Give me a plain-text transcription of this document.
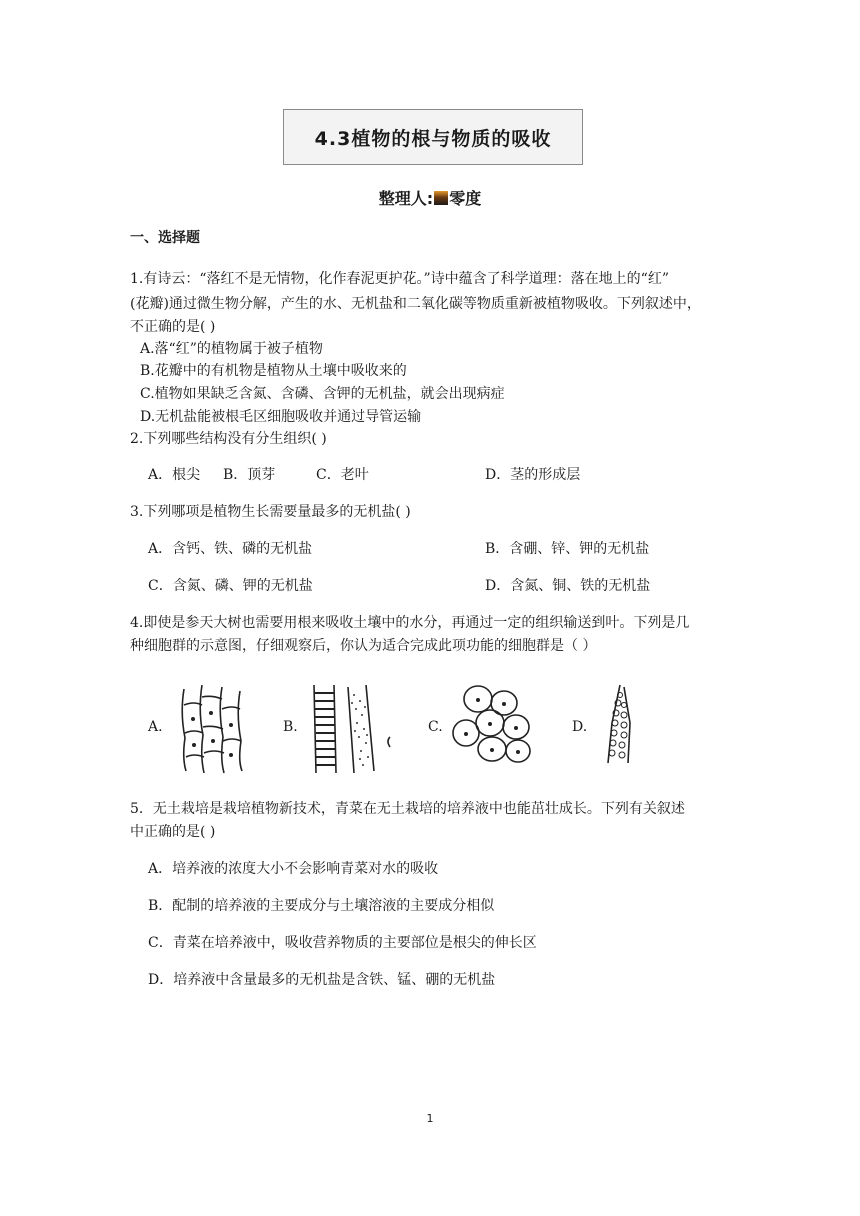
4.3植物的根与物质的吸收
整理人: 零度
一、选择题
1.有诗云：“落红不是无情物，化作春泥更护花。”诗中蕴含了科学道理：落在地上的“红”
(花瓣)通过微生物分解，产生的水、无机盐和二氧化碳等物质重新被植物吸收。下列叙述中，
不正确的是( )
A.落“红”的植物属于被子植物
B.花瓣中的有机物是植物从土壤中吸收来的
C.植物如果缺乏含氮、含磷、含钾的无机盐，就会出现病症
D.无机盐能被根毛区细胞吸收并通过导管运输
2.下列哪些结构没有分生组织( )
A．根尖 B．顶芽	C．老叶	D．茎的形成层
3.下列哪项是植物生长需要量最多的无机盐( )
A．含钙、铁、磷的无机盐	B．含硼、锌、钾的无机盐
C．含氮、磷、钾的无机盐	D．含氮、铜、铁的无机盐
4.即使是参天大树也需要用根来吸收土壤中的水分，再通过一定的组织输送到叶。下列是几
种细胞群的示意图，仔细观察后，你认为适合完成此项功能的细胞群是（ ）
A.	B.	C.	D.
5．无土栽培是栽培植物新技术，青菜在无土栽培的培养液中也能茁壮成长。下列有关叙述
中正确的是( )
A．培养液的浓度大小不会影响青菜对水的吸收
B．配制的培养液的主要成分与土壤溶液的主要成分相似
C．青菜在培养液中，吸收营养物质的主要部位是根尖的伸长区
D．培养液中含量最多的无机盐是含铁、锰、硼的无机盐
1
